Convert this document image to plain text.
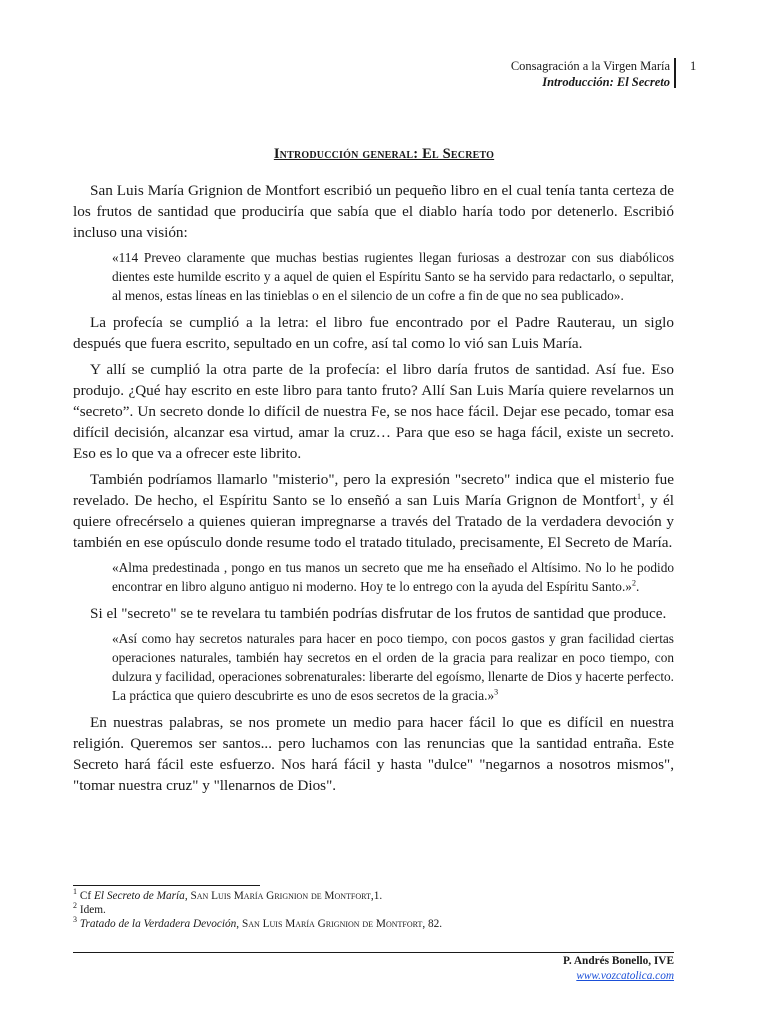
Consagración a la Virgen María
Introducción: El Secreto
1
Introducción general: El Secreto

San Luis María Grignion de Montfort escribió un pequeño libro en el cual tenía tanta certeza de los frutos de santidad que produciría que sabía que el diablo haría todo por detenerlo. Escribió incluso una visión:

«114 Preveo claramente que muchas bestias rugientes llegan furiosas a destrozar con sus diabólicos dientes este humilde escrito y a aquel de quien el Espíritu Santo se ha servido para redactarlo, o sepultar, al menos, estas líneas en las tinieblas o en el silencio de un cofre a fin de que no sea publicado».

La profecía se cumplió a la letra: el libro fue encontrado por el Padre Rauterau, un siglo después que fuera escrito, sepultado en un cofre, así tal como lo vió san Luis María.

Y allí se cumplió la otra parte de la profecía: el libro daría frutos de santidad. Así fue. Eso produjo. ¿Qué hay escrito en este libro para tanto fruto? Allí San Luis María quiere revelarnos un “secreto”. Un secreto donde lo difícil de nuestra Fe, se nos hace fácil. Dejar ese pecado, tomar esa difícil decisión, alcanzar esa virtud, amar la cruz… Para que eso se haga fácil, existe un secreto. Eso es lo que va a ofrecer este librito.

También podríamos llamarlo "misterio", pero la expresión "secreto" indica que el misterio fue revelado. De hecho, el Espíritu Santo se lo enseñó a san Luis María Grignon de Montfort$^1$, y él quiere ofrecérselo a quienes quieran impregnarse a través del Tratado de la verdadera devoción y también en ese opúsculo donde resume todo el tratado titulado, precisamente, El Secreto de María.

«Alma predestinada , pongo en tus manos un secreto que me ha enseñado el Altísimo. No lo he podido encontrar en libro alguno antiguo ni moderno. Hoy te lo entrego con la ayuda del Espíritu Santo.»$^2$.

Si el "secreto" se te revelara tu también podrías disfrutar de los frutos de santidad que produce.

«Así como hay secretos naturales para hacer en poco tiempo, con pocos gastos y gran facilidad ciertas operaciones naturales, también hay secretos en el orden de la gracia para realizar en poco tiempo, con dulzura y facilidad, operaciones sobrenaturales: liberarte del egoísmo, llenarte de Dios y hacerte perfecto. La práctica que quiero descubrirte es uno de esos secretos de la gracia.»$^3$

En nuestras palabras, se nos promete un medio para hacer fácil lo que es difícil en nuestra religión. Queremos ser santos... pero luchamos con las renuncias que la santidad entraña. Este Secreto hará fácil este esfuerzo. Nos hará fácil y hasta "dulce" "negarnos a nosotros mismos", "tomar nuestra cruz" y "llenarnos de Dios".

$^1$ Cf El Secreto de María, San Luis María Grignion de Montfort,1.
$^2$ Idem.
$^3$ Tratado de la Verdadera Devoción, San Luis María Grignion de Montfort, 82.
P. Andrés Bonello, IVE
www.vozcatolica.com
